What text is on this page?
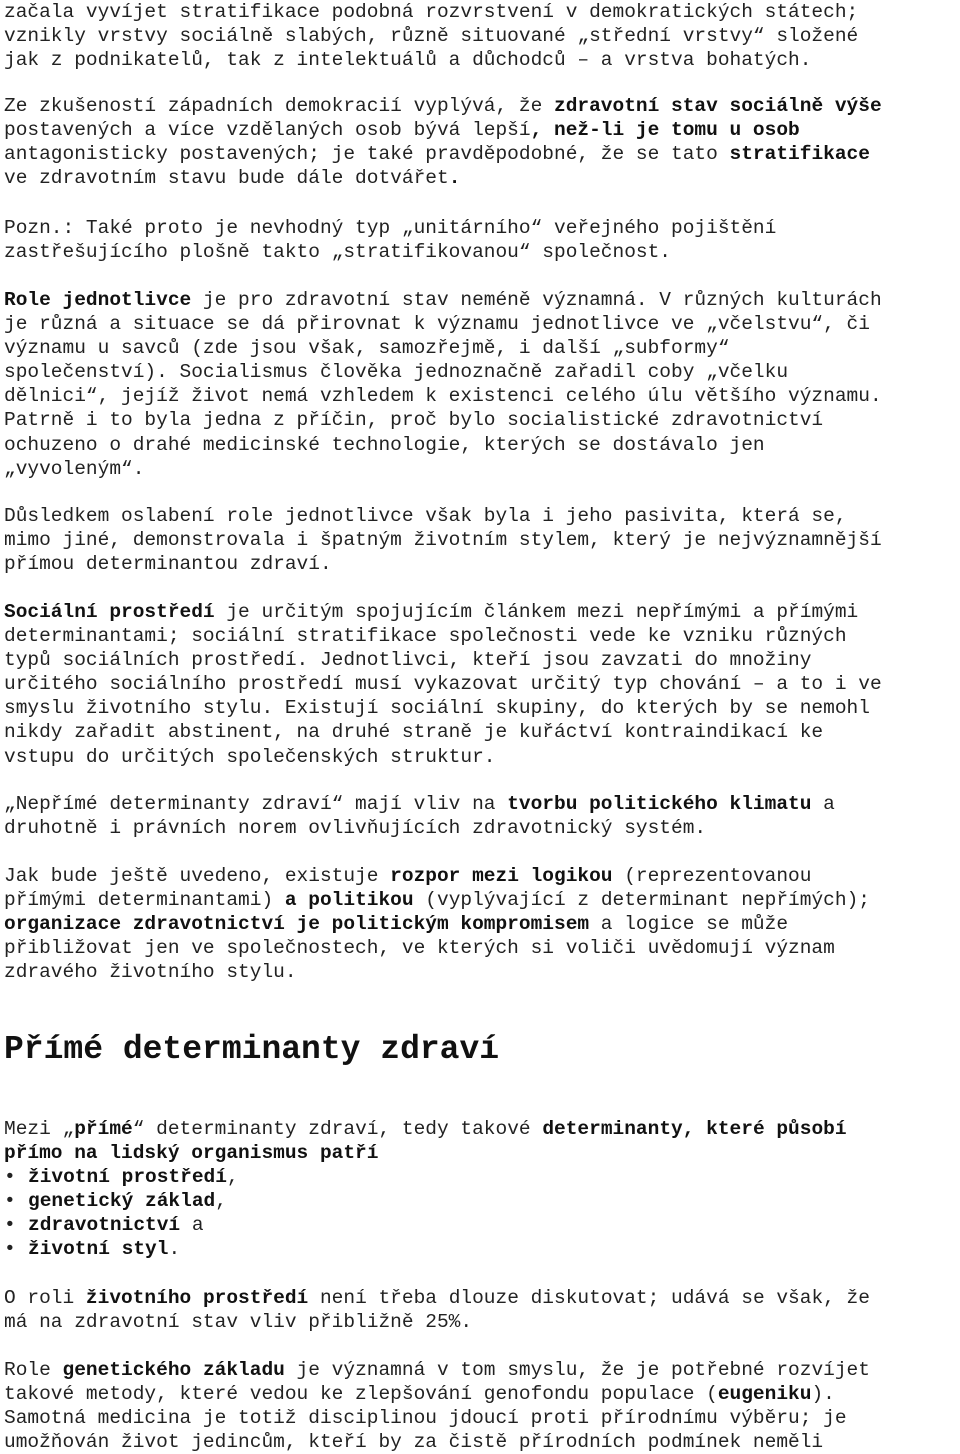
začala vyvíjet stratifikace podobná rozvrstvení v demokratických státech;
vznikly vrstvy sociálně slabých, různě situované „střední vrstvy“ složené
jak z podnikatelů, tak z intelektuálů a důchodců – a vrstva bohatých.
Ze zkušeností západních demokracií vyplývá, že zdravotní stav sociálně výše
postavených a více vzdělaných osob bývá lepší, než-li je tomu u osob
antagonisticky postavených; je také pravděpodobné, že se tato stratifikace
ve zdravotním stavu bude dále dotvářet.
Pozn.: Také proto je nevhodný typ „unitárního“ veřejného pojištění
zastřešujícího plošně takto „stratifikovanou“ společnost.
Role jednotlivce je pro zdravotní stav neméně významná. V různých kulturách
je různá a situace se dá přirovnat k významu jednotlivce ve „včelstvu“, či
významu u savců (zde jsou však, samozřejmě, i další „subformy“
společenství). Socialismus člověka jednoznačně zařadil coby „včelku
dělnici“, jejíž život nemá vzhledem k existenci celého úlu většího významu.
Patrně i to byla jedna z příčin, proč bylo socialistické zdravotnictví
ochuzeno o drahé medicinské technologie, kterých se dostávalo jen
„vyvoleným“.
Důsledkem oslabení role jednotlivce však byla i jeho pasivita, která se,
mimo jiné, demonstrovala i špatným životním stylem, který je nejvýznamnější
přímou determinantou zdraví.
Sociální prostředí je určitým spojujícím článkem mezi nepřímými a přímými
determinantami; sociální stratifikace společnosti vede ke vzniku různých
typů sociálních prostředí. Jednotlivci, kteří jsou zavzati do množiny
určitého sociálního prostředí musí vykazovat určitý typ chování – a to i ve
smyslu životního stylu. Existují sociální skupiny, do kterých by se nemohl
nikdy zařadit abstinent, na druhé straně je kuřáctví kontraindikací ke
vstupu do určitých společenských struktur.
„Nepřímé determinanty zdraví“ mají vliv na tvorbu politického klimatu a
druhotně i právních norem ovlivňujících zdravotnický systém.
Jak bude ještě uvedeno, existuje rozpor mezi logikou (reprezentovanou
přímými determinantami) a politikou (vyplývající z determinant nepřímých);
organizace zdravotnictví je politickým kompromisem a logice se může
přibližovat jen ve společnostech, ve kterých si voliči uvědomují význam
zdravého životního stylu.
Přímé determinanty zdraví
Mezi „přímé“ determinanty zdraví, tedy takové determinanty, které působí
přímo na lidský organismus patří
• životní prostředí,
• genetický základ,
• zdravotnictví a
• životní styl.
O roli životního prostředí není třeba dlouze diskutovat; udává se však, že
má na zdravotní stav vliv přibližně 25%.
Role genetického základu je významná v tom smyslu, že je potřebné rozvíjet
takové metody, které vedou ke zlepšování genofondu populace (eugeniku).
Samotná medicina je totiž disciplinou jdoucí proti přírodnímu výběru; je
umožňován život jedincům, kteří by za čistě přírodních podmínek neměli
